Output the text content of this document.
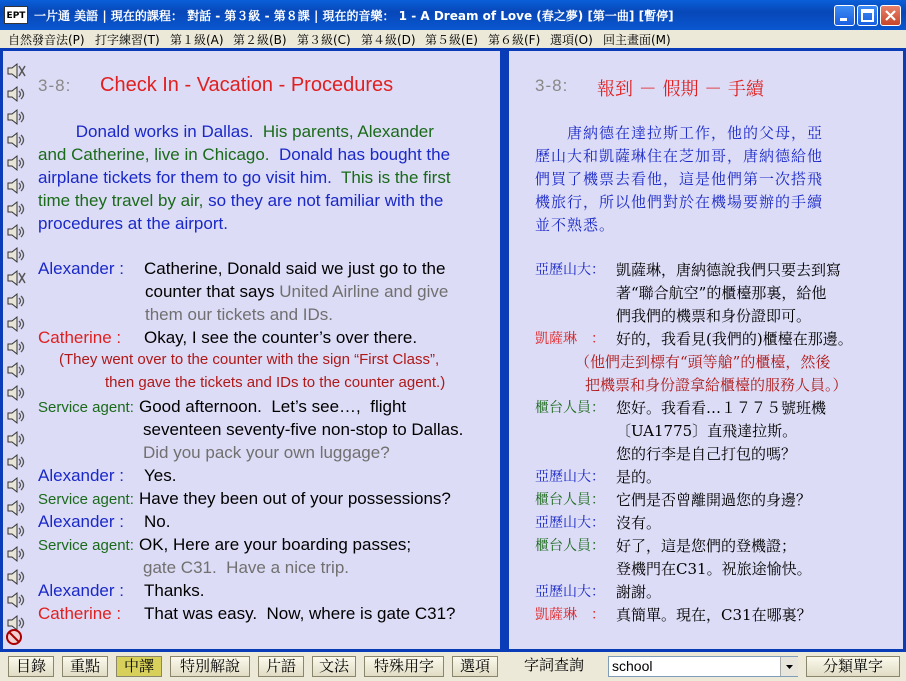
EPT 一片通 美語 | 現在的課程： 對話 - 第３級 - 第８課 | 現在的音樂： 1 - A Dream of Love (春之夢) [第一曲] [暫停]
自然發音法(P) 打字練習(T) 第１級(A) 第２級(B) 第３級(C) 第４級(D) 第５級(E) 第６級(F) 選項(O) 回主畫面(M)
3-8: Check In - Vacation - Procedures
Donald works in Dallas.  His parents, Alexander
and Catherine, live in Chicago.  Donald has bought the
airplane tickets for them to go visit him.  This is the first
time they travel by air, so they are not familiar with the
procedures at the airport.
Alexander : Catherine, Donald said we just go to the
counter that says United Airline and give
them our tickets and IDs.
Catherine : Okay, I see the counter’s over there.
(They went over to the counter with the sign “First Class”,
then gave the tickets and IDs to the counter agent.)
Service agent: Good afternoon.  Let’s see…,  flight
seventeen seventy-five non-stop to Dallas.
Did you pack your own luggage?
Alexander : Yes.
Service agent: Have they been out of your possessions?
Alexander : No.
Service agent: OK, Here are your boarding passes;
gate C31.  Have a nice trip.
Alexander : Thanks.
Catherine : That was easy.  Now, where is gate C31?
3-8: 報到 － 假期 － 手續
　　唐納德在達拉斯工作，他的父母，亞
歷山大和凱薩琳住在芝加哥，唐納德給他
們買了機票去看他，這是他們第一次搭飛
機旅行，所以他們對於在機場要辦的手續
並不熟悉。
亞歷山大： 凱薩琳，唐納德說我們只要去到寫
著“聯合航空”的櫃檯那裏，給他
們我們的機票和身份證即可。
凱薩琳　： 好的，我看見(我們的)櫃檯在那邊。
（他們走到標有“頭等艙”的櫃檯，然後
把機票和身份證拿給櫃檯的服務人員。）
櫃台人員： 您好。我看看…１７７５號班機
〔UA1775〕直飛達拉斯。
您的行李是自己打包的嗎？
亞歷山大： 是的。
櫃台人員： 它們是否曾離開過您的身邊？
亞歷山大： 沒有。
櫃台人員： 好了，這是您們的登機證；
登機門在C31。祝旅途愉快。
亞歷山大： 謝謝。
凱薩琳　： 真簡單。現在，C31在哪裏？
目錄	重點	中譯	特別解說	片語	文法	特殊用字	選項	字詞查詢	school	分類單字
